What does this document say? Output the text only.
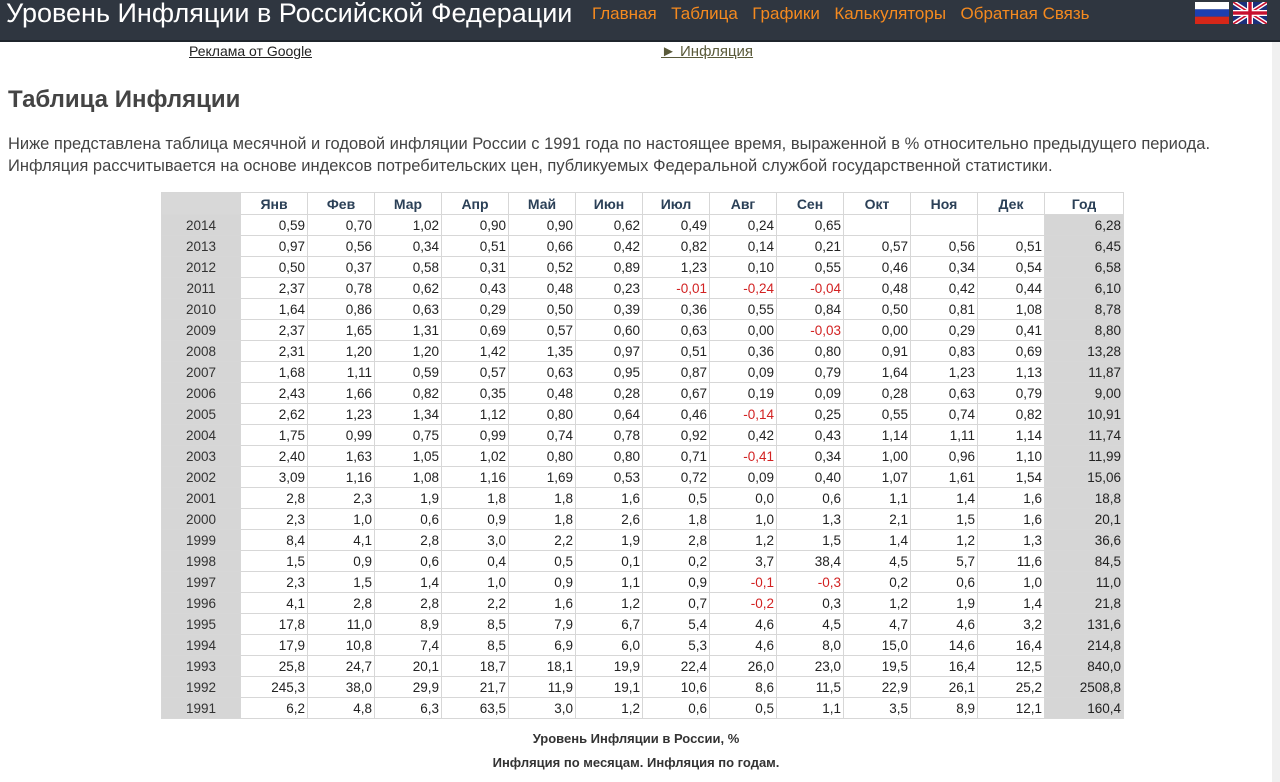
Уровень Инфляции в Российской Федерации Главная Таблица Графики Калькуляторы Обратная Связь
Реклама от Google	► Инфляция
Таблица Инфляции

Ниже представлена таблица месячной и годовой инфляции России с 1991 года по настоящее время, выраженной в % относительно предыдущего периода. Инфляция рассчитывается на основе индексов потребительских цен, публикуемых Федеральной службой государственной статистики.

	Янв	Фев	Мар	Апр	Май	Июн	Июл	Авг	Сен	Окт	Ноя	Дек	Год
2014	0,59	0,70	1,02	0,90	0,90	0,62	0,49	0,24	0,65				6,28
2013	0,97	0,56	0,34	0,51	0,66	0,42	0,82	0,14	0,21	0,57	0,56	0,51	6,45
2012	0,50	0,37	0,58	0,31	0,52	0,89	1,23	0,10	0,55	0,46	0,34	0,54	6,58
2011	2,37	0,78	0,62	0,43	0,48	0,23	-0,01	-0,24	-0,04	0,48	0,42	0,44	6,10
2010	1,64	0,86	0,63	0,29	0,50	0,39	0,36	0,55	0,84	0,50	0,81	1,08	8,78
2009	2,37	1,65	1,31	0,69	0,57	0,60	0,63	0,00	-0,03	0,00	0,29	0,41	8,80
2008	2,31	1,20	1,20	1,42	1,35	0,97	0,51	0,36	0,80	0,91	0,83	0,69	13,28
2007	1,68	1,11	0,59	0,57	0,63	0,95	0,87	0,09	0,79	1,64	1,23	1,13	11,87
2006	2,43	1,66	0,82	0,35	0,48	0,28	0,67	0,19	0,09	0,28	0,63	0,79	9,00
2005	2,62	1,23	1,34	1,12	0,80	0,64	0,46	-0,14	0,25	0,55	0,74	0,82	10,91
2004	1,75	0,99	0,75	0,99	0,74	0,78	0,92	0,42	0,43	1,14	1,11	1,14	11,74
2003	2,40	1,63	1,05	1,02	0,80	0,80	0,71	-0,41	0,34	1,00	0,96	1,10	11,99
2002	3,09	1,16	1,08	1,16	1,69	0,53	0,72	0,09	0,40	1,07	1,61	1,54	15,06
2001	2,8	2,3	1,9	1,8	1,8	1,6	0,5	0,0	0,6	1,1	1,4	1,6	18,8
2000	2,3	1,0	0,6	0,9	1,8	2,6	1,8	1,0	1,3	2,1	1,5	1,6	20,1
1999	8,4	4,1	2,8	3,0	2,2	1,9	2,8	1,2	1,5	1,4	1,2	1,3	36,6
1998	1,5	0,9	0,6	0,4	0,5	0,1	0,2	3,7	38,4	4,5	5,7	11,6	84,5
1997	2,3	1,5	1,4	1,0	0,9	1,1	0,9	-0,1	-0,3	0,2	0,6	1,0	11,0
1996	4,1	2,8	2,8	2,2	1,6	1,2	0,7	-0,2	0,3	1,2	1,9	1,4	21,8
1995	17,8	11,0	8,9	8,5	7,9	6,7	5,4	4,6	4,5	4,7	4,6	3,2	131,6
1994	17,9	10,8	7,4	8,5	6,9	6,0	5,3	4,6	8,0	15,0	14,6	16,4	214,8
1993	25,8	24,7	20,1	18,7	18,1	19,9	22,4	26,0	23,0	19,5	16,4	12,5	840,0
1992	245,3	38,0	29,9	21,7	11,9	19,1	10,6	8,6	11,5	22,9	26,1	25,2	2508,8
1991	6,2	4,8	6,3	63,5	3,0	1,2	0,6	0,5	1,1	3,5	8,9	12,1	160,4
Уровень Инфляции в России, %
Инфляция по месяцам. Инфляция по годам.
